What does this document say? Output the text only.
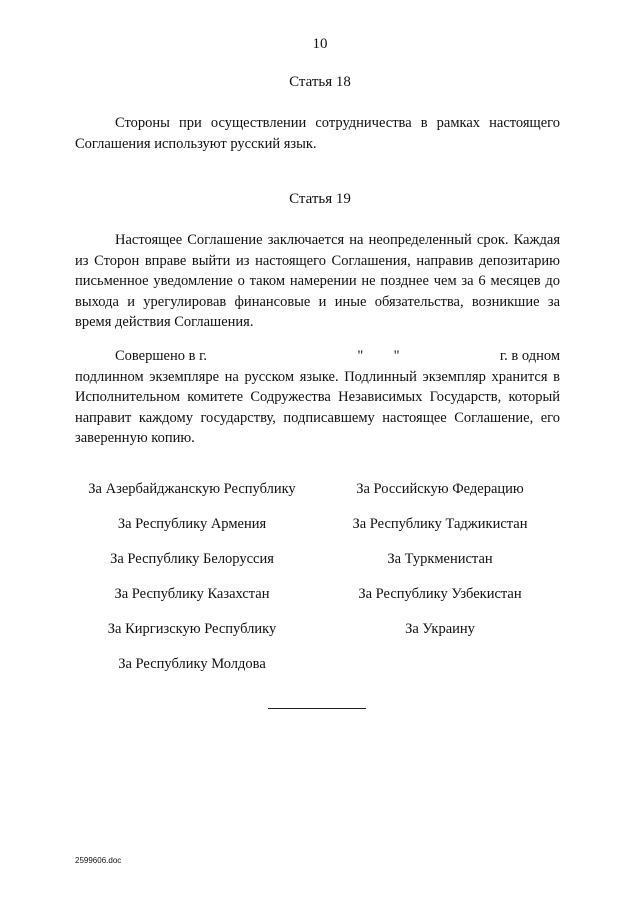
10
Статья 18

Стороны при осуществлении сотрудничества в рамках настоящего Соглашения используют русский язык.

Статья 19

Настоящее Соглашение заключается на неопределенный срок. Каждая из Сторон вправе выйти из настоящего Соглашения, направив депозитарию письменное уведомление о таком намерении не позднее чем за 6 месяцев до выхода и урегулировав финансовые и иные обязательства, возникшие за время действия Соглашения.

Совершено в г.	" "	г. в одном
подлинном экземпляре на русском языке. Подлинный экземпляр хранится в Исполнительном комитете Содружества Независимых Государств, который направит каждому государству, подписавшему настоящее Соглашение, его заверенную копию.
За Азербайджанскую Республику
За Республику Армения
За Республику Белоруссия
За Республику Казахстан
За Киргизскую Республику
За Республику Молдова
За Российскую Федерацию
За Республику Таджикистан
За Туркменистан
За Республику Узбекистан
За Украину
2599606.doc
